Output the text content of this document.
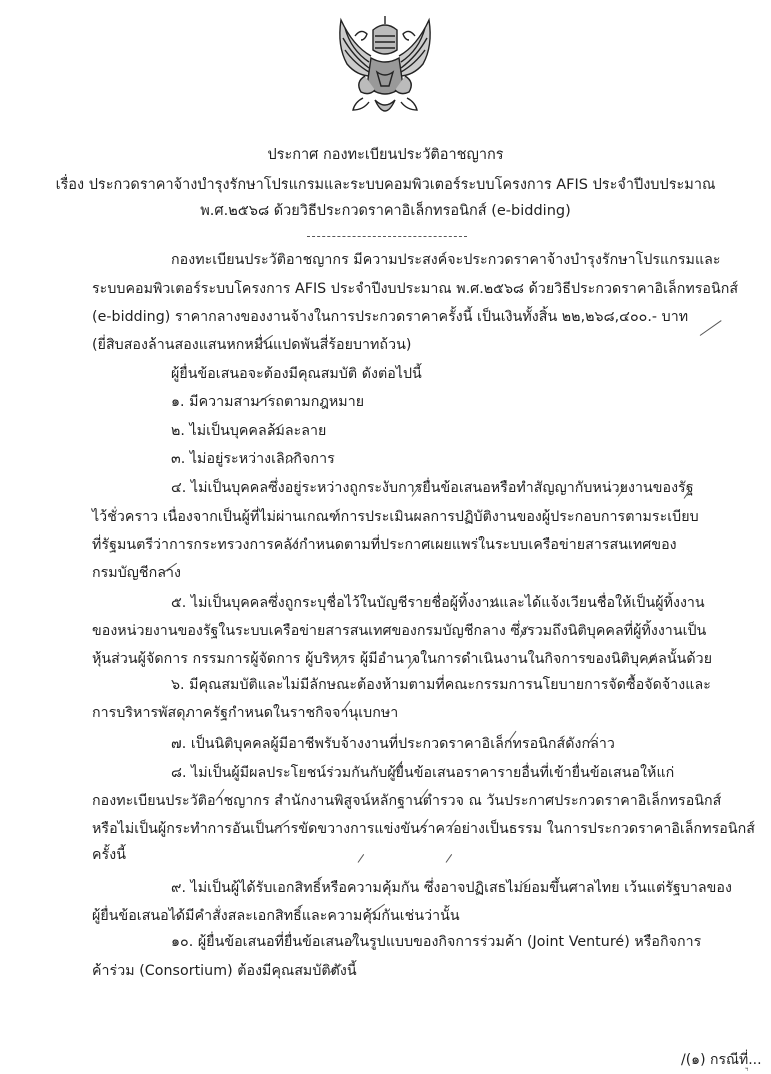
ประกาศ กองทะเบียนประวัติอาชญากร
เรื่อง ประกวดราคาจ้างบำรุงรักษาโปรแกรมและระบบคอมพิวเตอร์ระบบโครงการ AFIS ประจำปีงบประมาณ
พ.ศ.๒๕๖๘ ด้วยวิธีประกวดราคาอิเล็กทรอนิกส์ (e-bidding)
กองทะเบียนประวัติอาชญากร มีความประสงค์จะประกวดราคาจ้างบำรุงรักษาโปรแกรมและ
ระบบคอมพิวเตอร์ระบบโครงการ AFIS ประจำปีงบประมาณ พ.ศ.๒๕๖๘ ด้วยวิธีประกวดราคาอิเล็กทรอนิกส์
(e-bidding) ราคากลางของงานจ้างในการประกวดราคาครั้งนี้ เป็นเงินทั้งสิ้น ๒๒,๒๖๘,๔๐๐.- บาท
(ยี่สิบสองล้านสองแสนหกหมื่นแปดพันสี่ร้อยบาทถ้วน)
ผู้ยื่นข้อเสนอจะต้องมีคุณสมบัติ ดังต่อไปนี้
๑. มีความสามารถตามกฎหมาย
๒. ไม่เป็นบุคคลล้มละลาย
๓. ไม่อยู่ระหว่างเลิกกิจการ
๔. ไม่เป็นบุคคลซึ่งอยู่ระหว่างถูกระงับการยื่นข้อเสนอหรือทำสัญญากับหน่วยงานของรัฐ
ไว้ชั่วคราว เนื่องจากเป็นผู้ที่ไม่ผ่านเกณฑ์การประเมินผลการปฏิบัติงานของผู้ประกอบการตามระเบียบ
ที่รัฐมนตรีว่าการกระทรวงการคลังกำหนดตามที่ประกาศเผยแพร่ในระบบเครือข่ายสารสนเทศของ
กรมบัญชีกลาง
๕. ไม่เป็นบุคคลซึ่งถูกระบุชื่อไว้ในบัญชีรายชื่อผู้ทิ้งงานและได้แจ้งเวียนชื่อให้เป็นผู้ทิ้งงาน
ของหน่วยงานของรัฐในระบบเครือข่ายสารสนเทศของกรมบัญชีกลาง ซึ่งรวมถึงนิติบุคคลที่ผู้ทิ้งงานเป็น
หุ้นส่วนผู้จัดการ กรรมการผู้จัดการ ผู้บริหาร ผู้มีอำนาจในการดำเนินงานในกิจการของนิติบุคคลนั้นด้วย
๖. มีคุณสมบัติและไม่มีลักษณะต้องห้ามตามที่คณะกรรมการนโยบายการจัดซื้อจัดจ้างและ
การบริหารพัสดุภาครัฐกำหนดในราชกิจจานุเบกษา
๗. เป็นนิติบุคคลผู้มีอาชีพรับจ้างงานที่ประกวดราคาอิเล็กทรอนิกส์ดังกล่าว
๘. ไม่เป็นผู้มีผลประโยชน์ร่วมกันกับผู้ยื่นข้อเสนอราคารายอื่นที่เข้ายื่นข้อเสนอให้แก่
กองทะเบียนประวัติอาชญากร สำนักงานพิสูจน์หลักฐานตำรวจ ณ วันประกาศประกวดราคาอิเล็กทรอนิกส์
หรือไม่เป็นผู้กระทำการอันเป็นการขัดขวางการแข่งขันราคาอย่างเป็นธรรม ในการประกวดราคาอิเล็กทรอนิกส์
ครั้งนี้
๙. ไม่เป็นผู้ได้รับเอกสิทธิ์หรือความคุ้มกัน ซึ่งอาจปฏิเสธไม่ยอมขึ้นศาลไทย เว้นแต่รัฐบาลของ
ผู้ยื่นข้อเสนอได้มีคำสั่งสละเอกสิทธิ์และความคุ้มกันเช่นว่านั้น
๑๐. ผู้ยื่นข้อเสนอที่ยื่นข้อเสนอในรูปแบบของกิจการร่วมค้า (Joint Venture) หรือกิจการ
ค้าร่วม (Consortium) ต้องมีคุณสมบัติดังนี้
/(๑) กรณีที่...
ฯ
